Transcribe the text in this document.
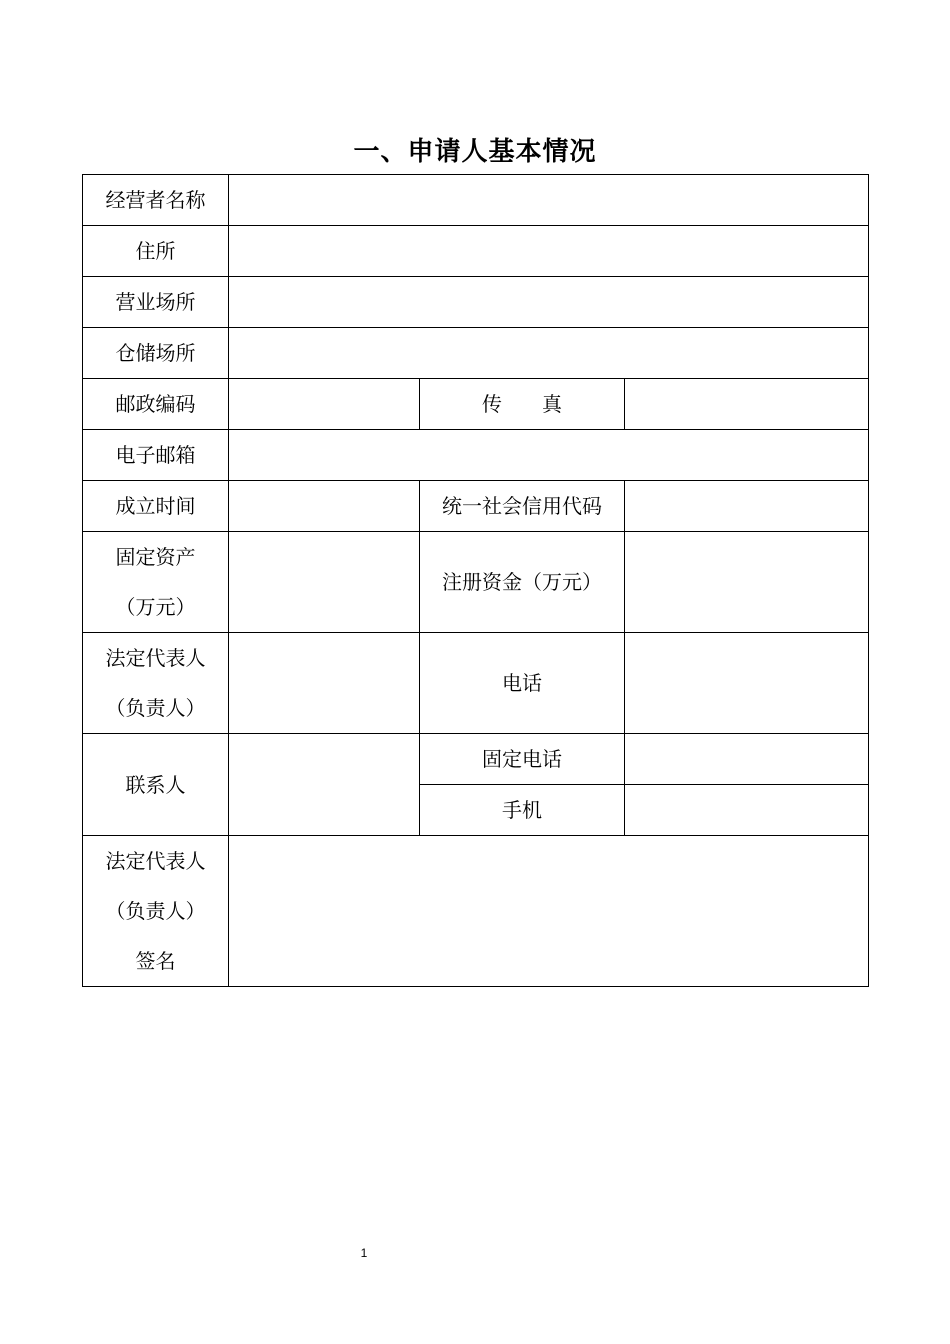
一、申请人基本情况
经营者名称			
住所			
营业场所			
仓储场所			
邮政编码		传　　真	
电子邮箱			
成立时间		统一社会信用代码	

固定资产
（万元）		注册资金（万元）	

法定代表人
（负责人）		电话	
联系人		固定电话	
		手机	

法定代表人
（负责人）
签名			

1
